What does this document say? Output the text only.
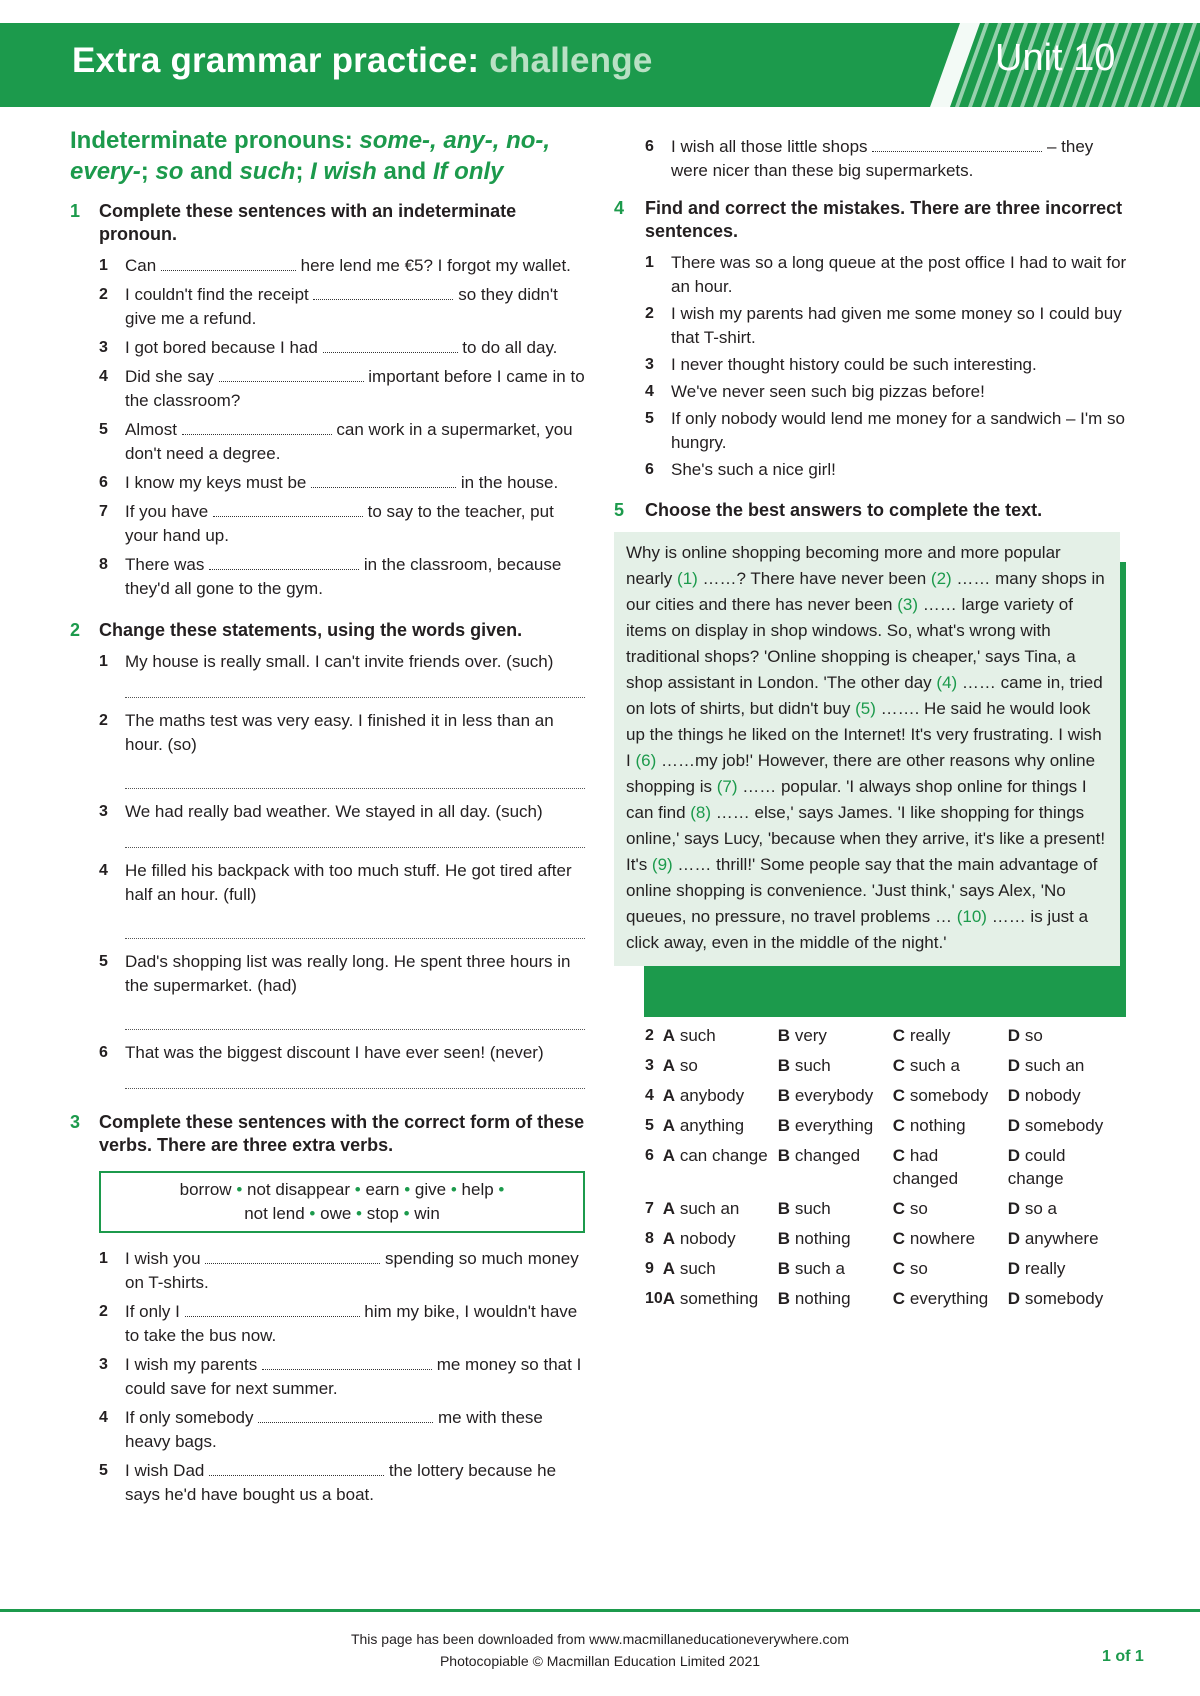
Extra grammar practice: challenge	Unit 10
Indeterminate pronouns: some-, any-, no-, every-; so and such; I wish and If only
1	Complete these sentences with an indeterminate pronoun.
1	Can	here lend me €5? I forgot my wallet.
2	I couldn't find the receipt	so they didn't give me a refund.
3	I got bored because I had	to do all day.
4	Did she say	important before I came in to the classroom?
5	Almost	can work in a supermarket, you don't need a degree.
6	I know my keys must be	in the house.
7	If you have	to say to the teacher, put your hand up.
8	There was	in the classroom, because they'd all gone to the gym.
2	Change these statements, using the words given.
1	My house is really small. I can't invite friends over. (such)
2	The maths test was very easy. I finished it in less than an hour. (so)
3	We had really bad weather. We stayed in all day. (such)
4	He filled his backpack with too much stuff. He got tired after half an hour. (full)
5	Dad's shopping list was really long. He spent three hours in the supermarket. (had)
6	That was the biggest discount I have ever seen! (never)
3	Complete these sentences with the correct form of these verbs. There are three extra verbs.
borrow • not disappear • earn • give • help •
not lend • owe • stop • win
1	I wish you	spending so much money on T-shirts.
2	If only I	him my bike, I wouldn't have to take the bus now.
3	I wish my parents	me money so that I could save for next summer.
4	If only somebody	me with these heavy bags.
5	I wish Dad	the lottery because he says he'd have bought us a boat.
6	I wish all those little shops	– they were nicer than these big supermarkets.
4	Find and correct the mistakes. There are three incorrect sentences.
1	There was so a long queue at the post office I had to wait for an hour.
2	I wish my parents had given me some money so I could buy that T-shirt.
3	I never thought history could be such interesting.
4	We've never seen such big pizzas before!
5	If only nobody would lend me money for a sandwich – I'm so hungry.
6	She's such a nice girl!
5	Choose the best answers to complete the text.
Why is online shopping becoming more and more popular nearly (1) ……? There have never been (2) …… many shops in our cities and there has never been (3) …… large variety of items on display in shop windows. So, what's wrong with traditional shops? 'Online shopping is cheaper,' says Tina, a shop assistant in London. 'The other day (4) …… came in, tried on lots of shirts, but didn't buy (5) ……. He said he would look up the things he liked on the Internet! It's very frustrating. I wish I (6) ……my job!' However, there are other reasons why online shopping is (7) …… popular. 'I always shop online for things I can find (8) …… else,' says James. 'I like shopping for things online,' says Lucy, 'because when they arrive, it's like a present! It's (9) …… thrill!' Some people say that the main advantage of online shopping is convenience. 'Just think,' says Alex, 'No queues, no pressure, no travel problems … (10) …… is just a click away, even in the middle of the night.'

2	A such	B very	C really	D so
3	A so	B such	C such a	D such an
4	A anybody	B everybody	C somebody	D nobody
5	A anything	B everything	C nothing	D somebody
6	A can change	B changed	C had changed	D could change
7	A such an	B such	C so	D so a
8	A nobody	B nothing	C nowhere	D anywhere
9	A such	B such a	C so	D really
10	A something	B nothing	C everything	D somebody
This page has been downloaded from www.macmillaneducationeverywhere.com
Photocopiable © Macmillan Education Limited 2021	1 of 1
